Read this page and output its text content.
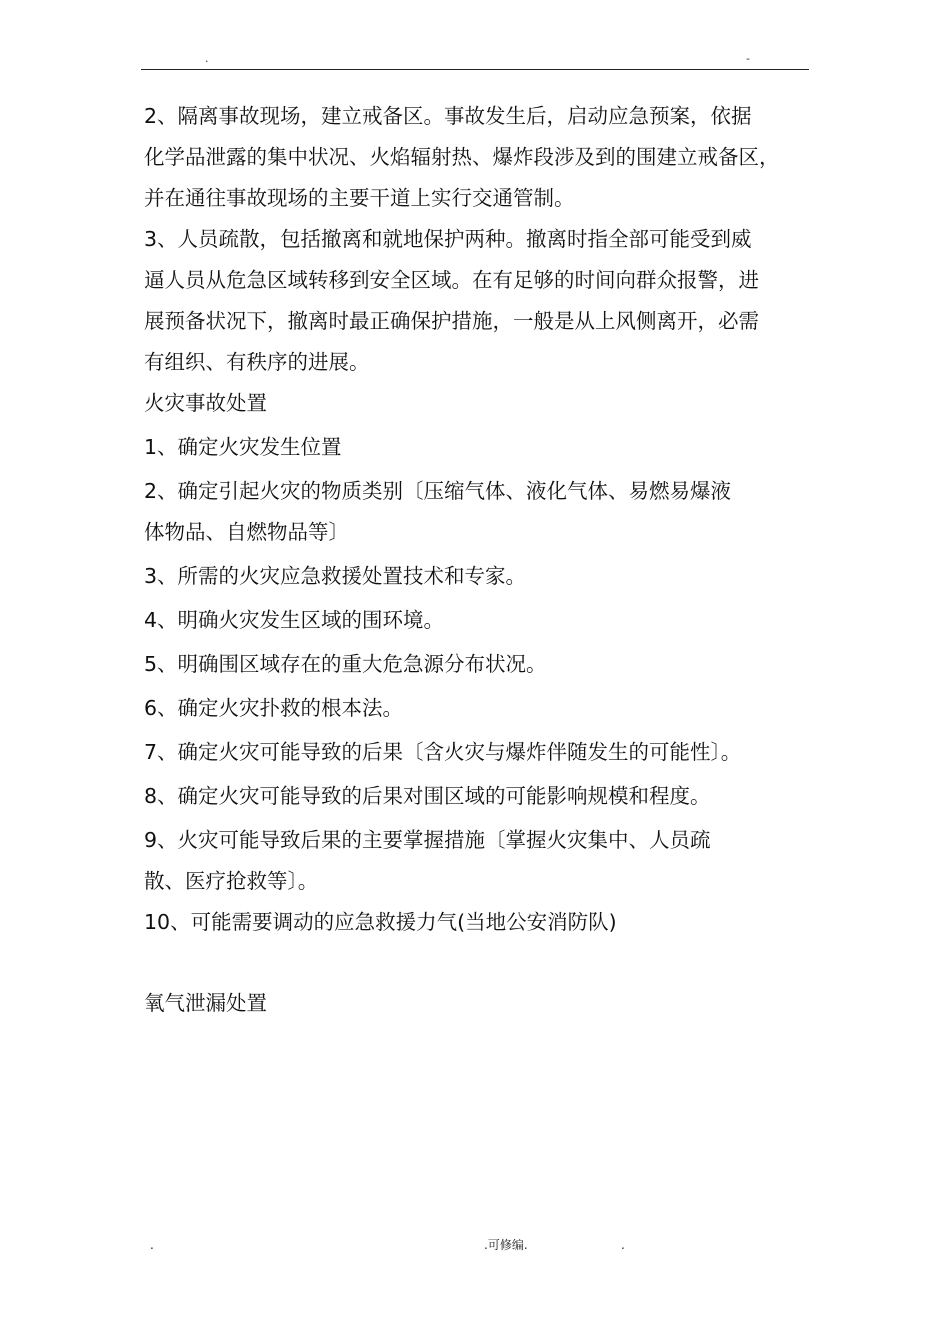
.	-

2、隔离事故现场，建立戒备区。事故发生后，启动应急预案，依据

化学品泄露的集中状况、火焰辐射热、爆炸段涉及到的围建立戒备区，

并在通往事故现场的主要干道上实行交通管制。

3、人员疏散，包括撤离和就地保护两种。撤离时指全部可能受到威

逼人员从危急区域转移到安全区域。在有足够的时间向群众报警，进

展预备状况下，撤离时最正确保护措施，一般是从上风侧离开，必需

有组织、有秩序的进展。

火灾事故处置

1、确定火灾发生位置

2、确定引起火灾的物质类别〔压缩气体、液化气体、易燃易爆液

体物品、自燃物品等〕

3、所需的火灾应急救援处置技术和专家。

4、明确火灾发生区域的围环境。

5、明确围区域存在的重大危急源分布状况。

6、确定火灾扑救的根本法。

7、确定火灾可能导致的后果〔含火灾与爆炸伴随发生的可能性〕。

8、确定火灾可能导致的后果对围区域的可能影响规模和程度。

9、火灾可能导致后果的主要掌握措施〔掌握火灾集中、人员疏

散、医疗抢救等〕。

10、可能需要调动的应急救援力气(当地公安消防队)

氧气泄漏处置

.	.可修编.	.
